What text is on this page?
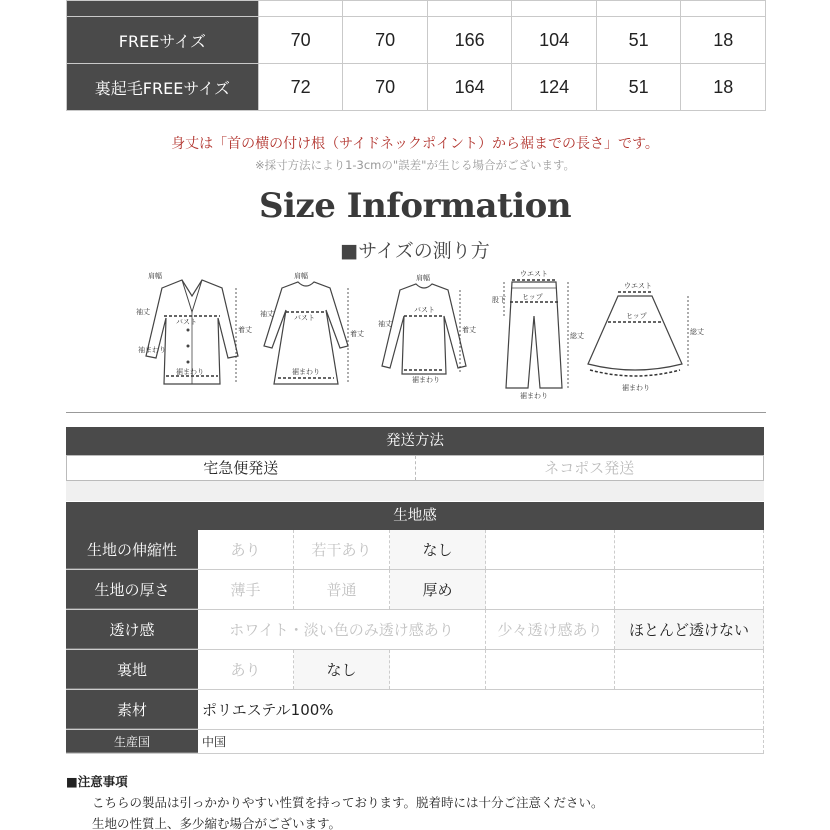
FREEサイズ	70	70	166	104	51	18
裏起毛FREEサイズ	72	70	164	124	51	18
身丈は「首の横の付け根（サイドネックポイント）から裾までの長さ」です。
※採寸方法により1-3cmの"誤差"が生じる場合がございます。
Size Information
■サイズの測り方
肩幅
袖丈
バスト
袖まわり
裾まわり
着丈
肩幅
袖丈	バスト
裾まわり
着丈
肩幅
袖丈
バスト
裾まわり
着丈
ウエスト
ヒップ
股下
総丈
裾まわり
ウエスト
ヒップ
裾まわり
総丈
発送方法
宅急便発送	ネコポス発送
生地感
生地の伸縮性	あり	若干あり	なし
生地の厚さ	薄手	普通	厚め
透け感	ホワイト・淡い色のみ透け感あり	少々透け感あり	ほとんど透けない
裏地	あり	なし
素材	ポリエステル100%
生産国	中国
■注意事項
こちらの製品は引っかかりやすい性質を持っております。脱着時には十分ご注意ください。
生地の性質上、多少縮む場合がございます。
